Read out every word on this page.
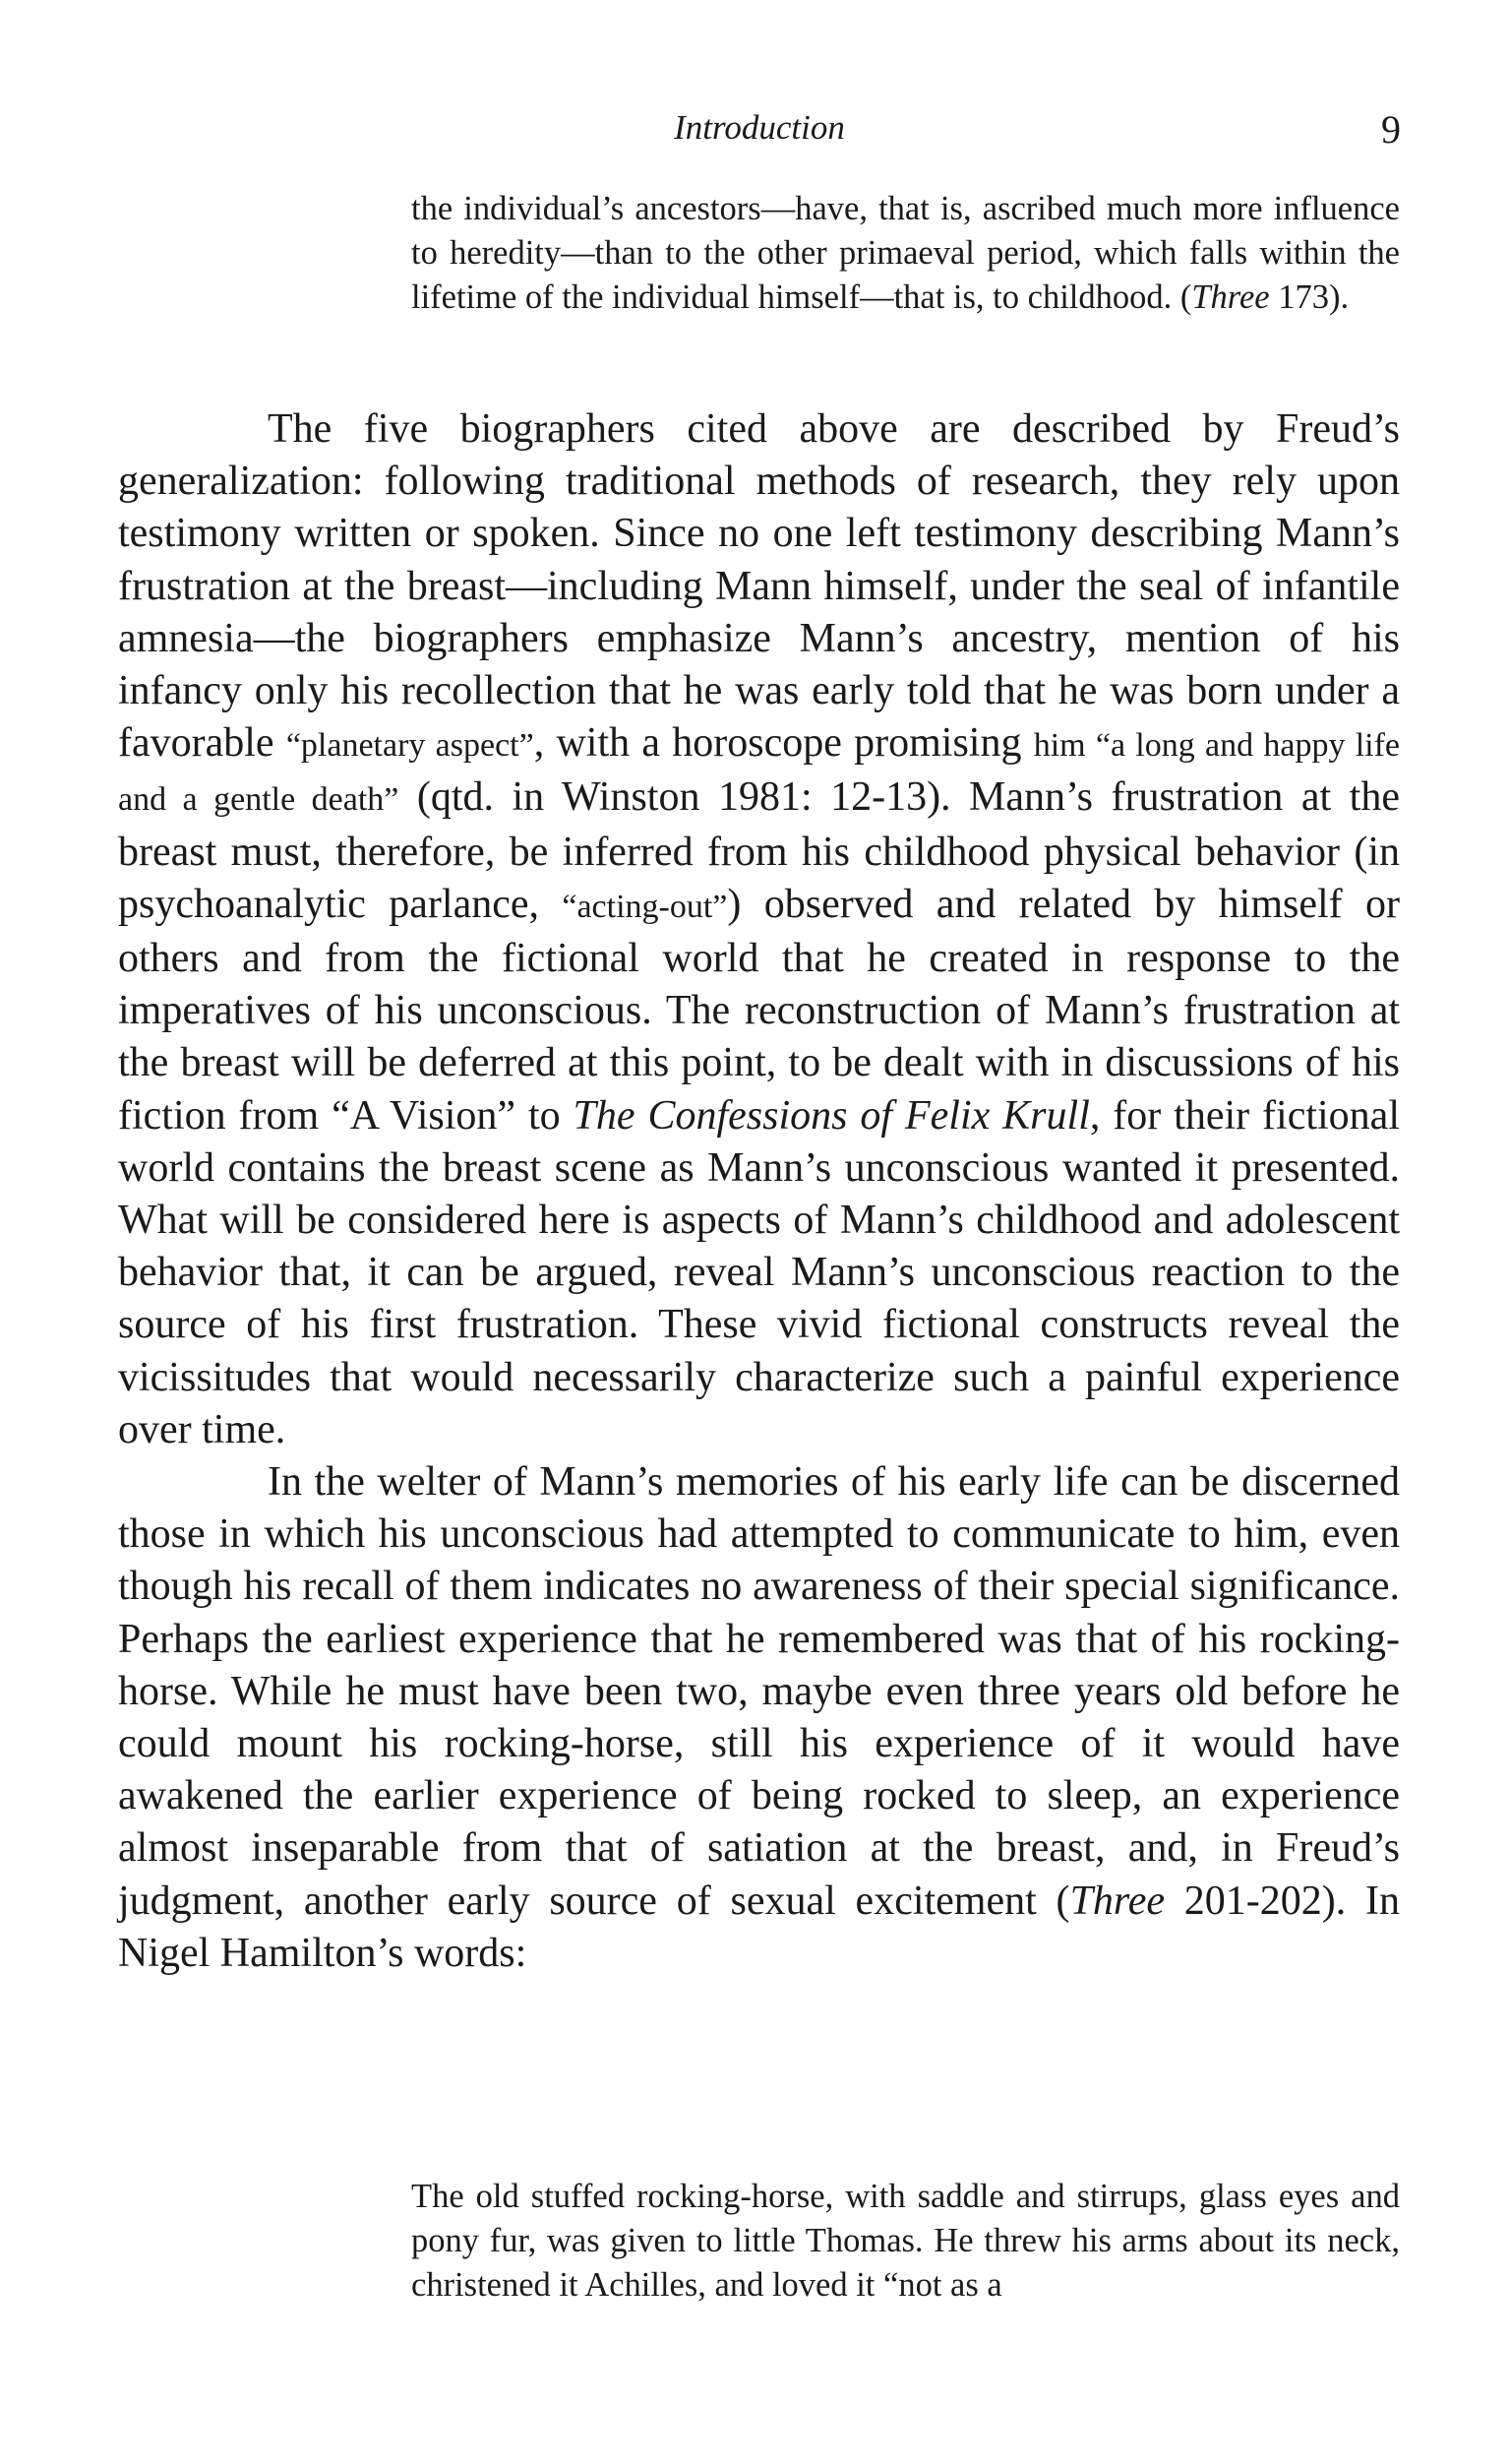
Introduction	9
the individual’s ancestors—have, that is, ascribed much more influence to heredity—than to the other primaeval period, which falls within the lifetime of the individual himself—that is, to childhood. (Three 173).

The five biographers cited above are described by Freud’s generalization: following traditional methods of research, they rely upon testimony written or spoken. Since no one left testimony describing Mann’s frustration at the breast—including Mann himself, under the seal of infantile amnesia—the biographers emphasize Mann’s ancestry, mention of his infancy only his recollection that he was early told that he was born under a favorable “planetary aspect”, with a horoscope promising him “a long and happy life and a gentle death” (qtd. in Winston 1981: 12-13). Mann’s frustration at the breast must, therefore, be inferred from his childhood physical behavior (in psychoanalytic parlance, “acting-out”) observed and related by himself or others and from the fictional world that he created in response to the imperatives of his unconscious. The reconstruction of Mann’s frustration at the breast will be deferred at this point, to be dealt with in discussions of his fiction from “A Vision” to The Confessions of Felix Krull, for their fictional world contains the breast scene as Mann’s unconscious wanted it presented. What will be considered here is aspects of Mann’s childhood and adolescent behavior that, it can be argued, reveal Mann’s unconscious reaction to the source of his first frustration. These vivid fictional constructs reveal the vicissitudes that would necessarily characterize such a painful experience over time.

In the welter of Mann’s memories of his early life can be discerned those in which his unconscious had attempted to communicate to him, even though his recall of them indicates no awareness of their special significance. Perhaps the earliest experience that he remembered was that of his rocking-horse. While he must have been two, maybe even three years old before he could mount his rocking-horse, still his experience of it would have awakened the earlier experience of being rocked to sleep, an experience almost inseparable from that of satiation at the breast, and, in Freud’s judgment, another early source of sexual excitement (Three 201-202). In Nigel Hamilton’s words:

The old stuffed rocking-horse, with saddle and stirrups, glass eyes and pony fur, was given to little Thomas. He threw his arms about its neck, christened it Achilles, and loved it “not as a
